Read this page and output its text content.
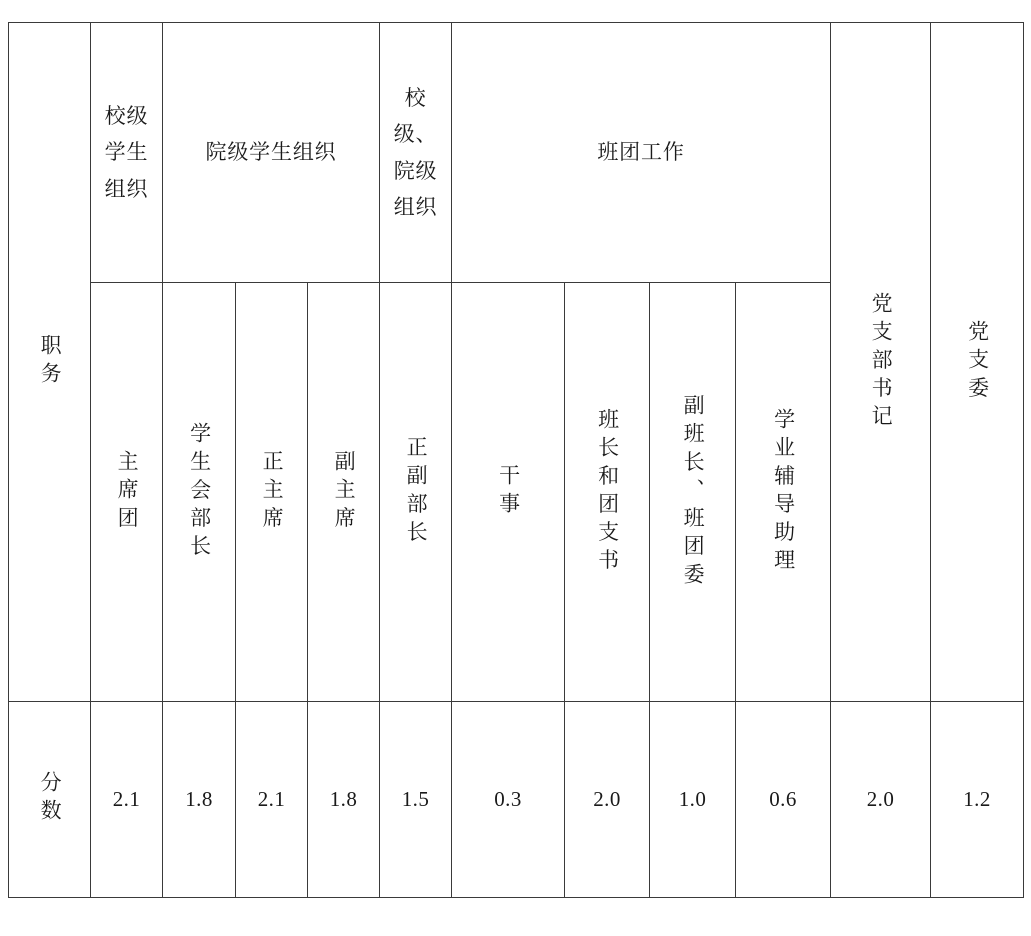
职务	校级学生组织	院级学生组织			校级、院级组织	班团工作				党支部书记	党支委

	主席团	学生会部长	正主席	副主席	正副部长	干事	班长和团支书	副班长、班团委	学业辅导助理		

分数	2.1	1.8	2.1	1.8	1.5	0.3	2.0	1.0	0.6	2.0	1.2
